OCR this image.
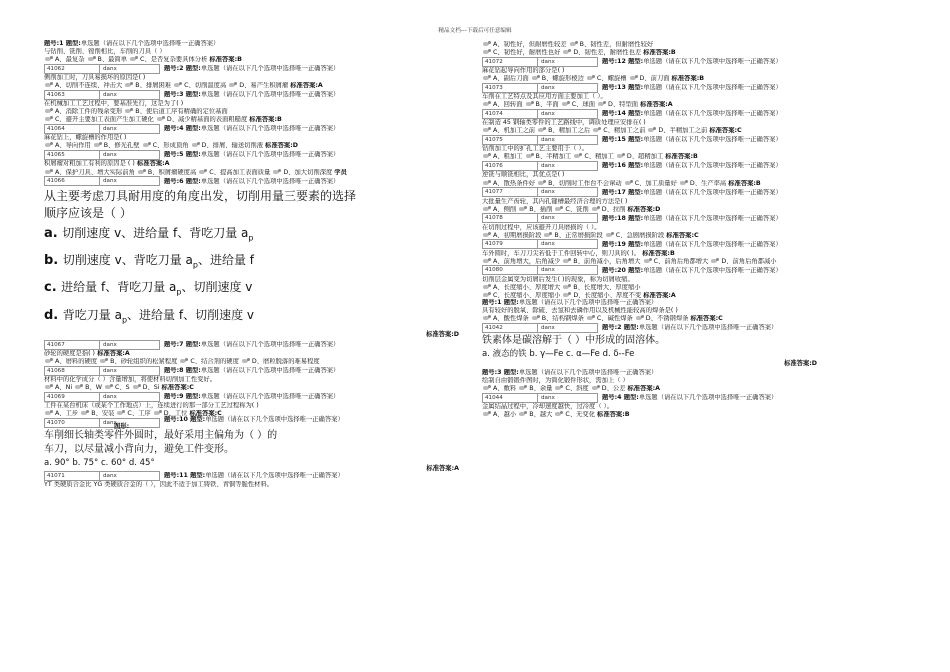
精品文档---下载后可任意编辑
题号:1 题型:单选题（请在以下几个选项中选择唯一正确答案）
与钻削、铣削、镗削相比，车削的刀具（ ）
A、最复杂 B、最简单 C、是否复杂要具体分析 标准答案:B
41062	danx	题号:2 题型:单选题（请在以下几个选项中选择唯一正确答案）
侧削加工时，刀具易损坏的原因是( )
A、切削不连续、冲击大 B、排屑困难 C、切削温度高 D、易产生积屑瘤 标准答案:A
41063	danx	题号:3 题型:单选题（请在以下几个选项中选择唯一正确答案）
在机械加工工艺过程中，要基准先行，这是为了( )
A、消除工件的残余变形 B、使后道工序有精确的定位基面
C、避开主要加工表面产生加工硬化 D、减少精基面的表面粗糙度 标准答案:B
41064	danx	题号:4 题型:单选题（请在以下几个选项中选择唯一正确答案）
麻花钻上，螺旋槽的作用是( )
A、导向作用 B、修光孔壁 C、形成顶角 D、排屑、输送切削液 标准答案:D
41065	danx	题号:5 题型:单选题（请在以下几个选项中选择唯一正确答案）
积屑瘤对粗加工有利的原因是 ( ) 标准答案:A
A、保护刀具、增大实际前角 B、积屑瘤硬度高 C、提高加工表面质量 D、加大切削深度 学员
41066	danx	题号:6 题型:单选题（请在以下几个选项中选择唯一正确答案）
从主要考虑刀具耐用度的角度出发，切削用量三要素的选择
顺序应该是（ ）
a. 切削速度 v、进给量 f、背吃刀量 $a_p$
b. 切削速度 v、背吃刀量 $a_p$、进给量 f
c. 进给量 f、背吃刀量 $a_p$、切削速度 v
d. 背吃刀量 $a_p$、进给量 f、切削速度 v
标准答案:D
41067	danx	题号:7 题型:单选题（请在以下几个选项中选择唯一正确答案）
砂轮的硬度是指( ) 标准答案:A
A、磨料的硬度 B、砂轮组织的松紧程度 C、结合剂的硬度 D、磨粒脱落的难易程度
41068	danx	题号:8 题型:单选题（请在以下几个选项中选择唯一正确答案）
材料中的化学成分（ ）含量增加，将使材料切削加工性变好。
A、Ni B、W C、S D、Si 标准答案:C
41069	danx	题号:9 题型:单选题（请在以下几个选项中选择唯一正确答案）
工件在某台机床（或某个工作地点）上，连续进行的那一部分工艺过程称为( )
A、工步 B、安装 C、工序 D、工位 标准答案:C
41070	danx
题号:10 题型:单选题（请在以下几个选项中选择唯一正确答案）
图形:
车削细长轴类零件外圆时，最好采用主偏角为（ ）的
车刀，以尽量减小背向力，避免工件变形。
a. 90° b. 75° c. 60° d. 45°
标准答案:A
41071	danx	题号:11 题型:单选题（请在以下几个选项中选择唯一正确答案）
YT 类硬质合金比 YG 类硬质合金的（ ），因此不适于加工铸铁、青铜等脆性材料。
A、韧性好，但耐磨性较差 B、韧性差，但耐磨性较好
C、韧性好，耐磨性也好 D、韧性差，耐磨性也差 标准答案:B
41072	danx	题号:12 题型:单选题（请在以下几个选项中选择唯一正确答案）
麻花钻起导向作用的部分是( )
A、副后刀面 B、螺旋形棱边 C、螺旋槽 D、前刀面 标准答案:B
41073	danx	题号:13 题型:单选题（请在以下几个选项中选择唯一正确答案）
车削在工艺特点及其应用方面主要加工（ ）。
A、回转面 B、平面 C、球面 D、特型面 标准答案:A
41074	danx	题号:14 题型:单选题（请在以下几个选项中选择唯一正确答案）
在制造 45 钢轴类零件的工艺路线中，调质处理应安排在( )
A、机加工之前 B、精加工之后 C、精加工之前 D、半精加工之前 标准答案:C
41075	danx	题号:15 题型:单选题（请在以下几个选项中选择唯一正确答案）
钻削加工中的扩孔工艺主要用于（ ）。
A、粗加工 B、半精加工 C、精加工 D、超精加工 标准答案:B
41076	danx	题号:16 题型:单选题（请在以下几个选项中选择唯一正确答案）
逆铣与顺铣相比，其优点是( )
A、散热条件好 B、切削时工作台不会窜动 C、加工质量好 D、生产率高 标准答案:B
41077	danx	题号:17 题型:单选题（请在以下几个选项中选择唯一正确答案）
大批量生产齿轮，其内孔键槽最经济合理的方法是( )
A、侧削 B、插削 C、铣削 D、拉削 标准答案:D
41078	danx	题号:18 题型:单选题（请在以下几个选项中选择唯一正确答案）
在切削过程中，应该避开刀具磨损的（ ）。
A、初期磨损阶段 B、正常磨损阶段 C、急剧磨损阶段 标准答案:C
41079	danx	题号:19 题型:单选题（请在以下几个选项中选择唯一正确答案）
车外圆时，车刀刀尖若低于工件回转中心，则刀具的( )。 标准答案:B
A、前角增大，后角减少 B、前角减小，后角增大 C、前角后角都增大 D、前角后角都减小
41080	danx	题号:20 题型:单选题（请在以下几个选项中选择唯一正确答案）
切削层金属变为切屑后发生( )的现象，称为切屑收缩。
A、长度缩小、厚度增大 B、长度增大、厚度缩小
C、长度缩小、厚度缩小 D、长度缩小、厚度不变 标准答案:A
题号:1 题型:单选题（请在以下几个选项中选择唯一正确答案）
具有较好的脱氧、除硫、去氢和去磷作用以及机械性能较高的焊条是( )
A、酸性焊条 B、结构钢焊条 C、碱性焊条 D、不锈钢焊条 标准答案:C
41042	danx	题号:2 题型:单选题（请在以下几个选项中选择唯一正确答案）
铁素体是碳溶解于（ ）中形成的固溶体。
a. 液态的铁 b. γ—Fe c. α—Fe d. δ--Fe
标准答案:D
题号:3 题型:单选题（请在以下几个选项中选择唯一正确答案）
绘制自由锻锻件图时，为简化锻件形状，需加上（ ）
A、敷料 B、余量 C、斜度 D、公差 标准答案:A
41044	danx	题号:4 题型:单选题（请在以下几个选项中选择唯一正确答案）
金属结晶过程中，冷却速度越快，过冷度（ ）。
A、越小 B、越大 C、无变化 标准答案:B
